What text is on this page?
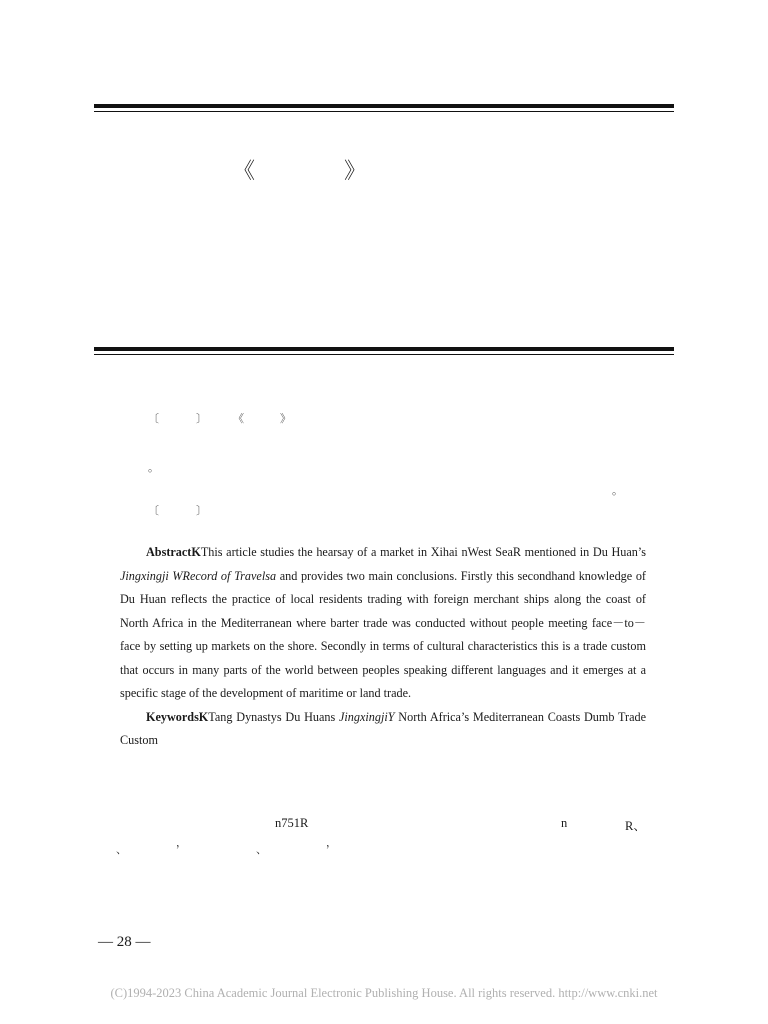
《	》
〔	〕 《	》
。
。
〔	〕

AbstractKThis article studies the hearsay of a market in Xihai nWest SeaR mentioned in Du Huan’s Jingxingji WRecord of Travelsa and provides two main conclusions. Firstly this secondhand knowledge of Du Huan reflects the practice of local residents trading with foreign merchant ships along the coast of North Africa in the Mediterranean where barter trade was conducted without people meeting face－to－face by setting up markets on the shore. Secondly in terms of cultural characteristics this is a trade custom that occurs in many parts of the world between peoples speaking different languages and it emerges at a specific stage of the development of maritime or land trade.

KeywordsKTang Dynastys Du Huans JingxingjiY North Africa’s Mediterranean Coasts Dumb Trade Custom

n751R	n	R、
、
，
、
，
— 28 —
(C)1994-2023 China Academic Journal Electronic Publishing House. All rights reserved. http://www.cnki.net
